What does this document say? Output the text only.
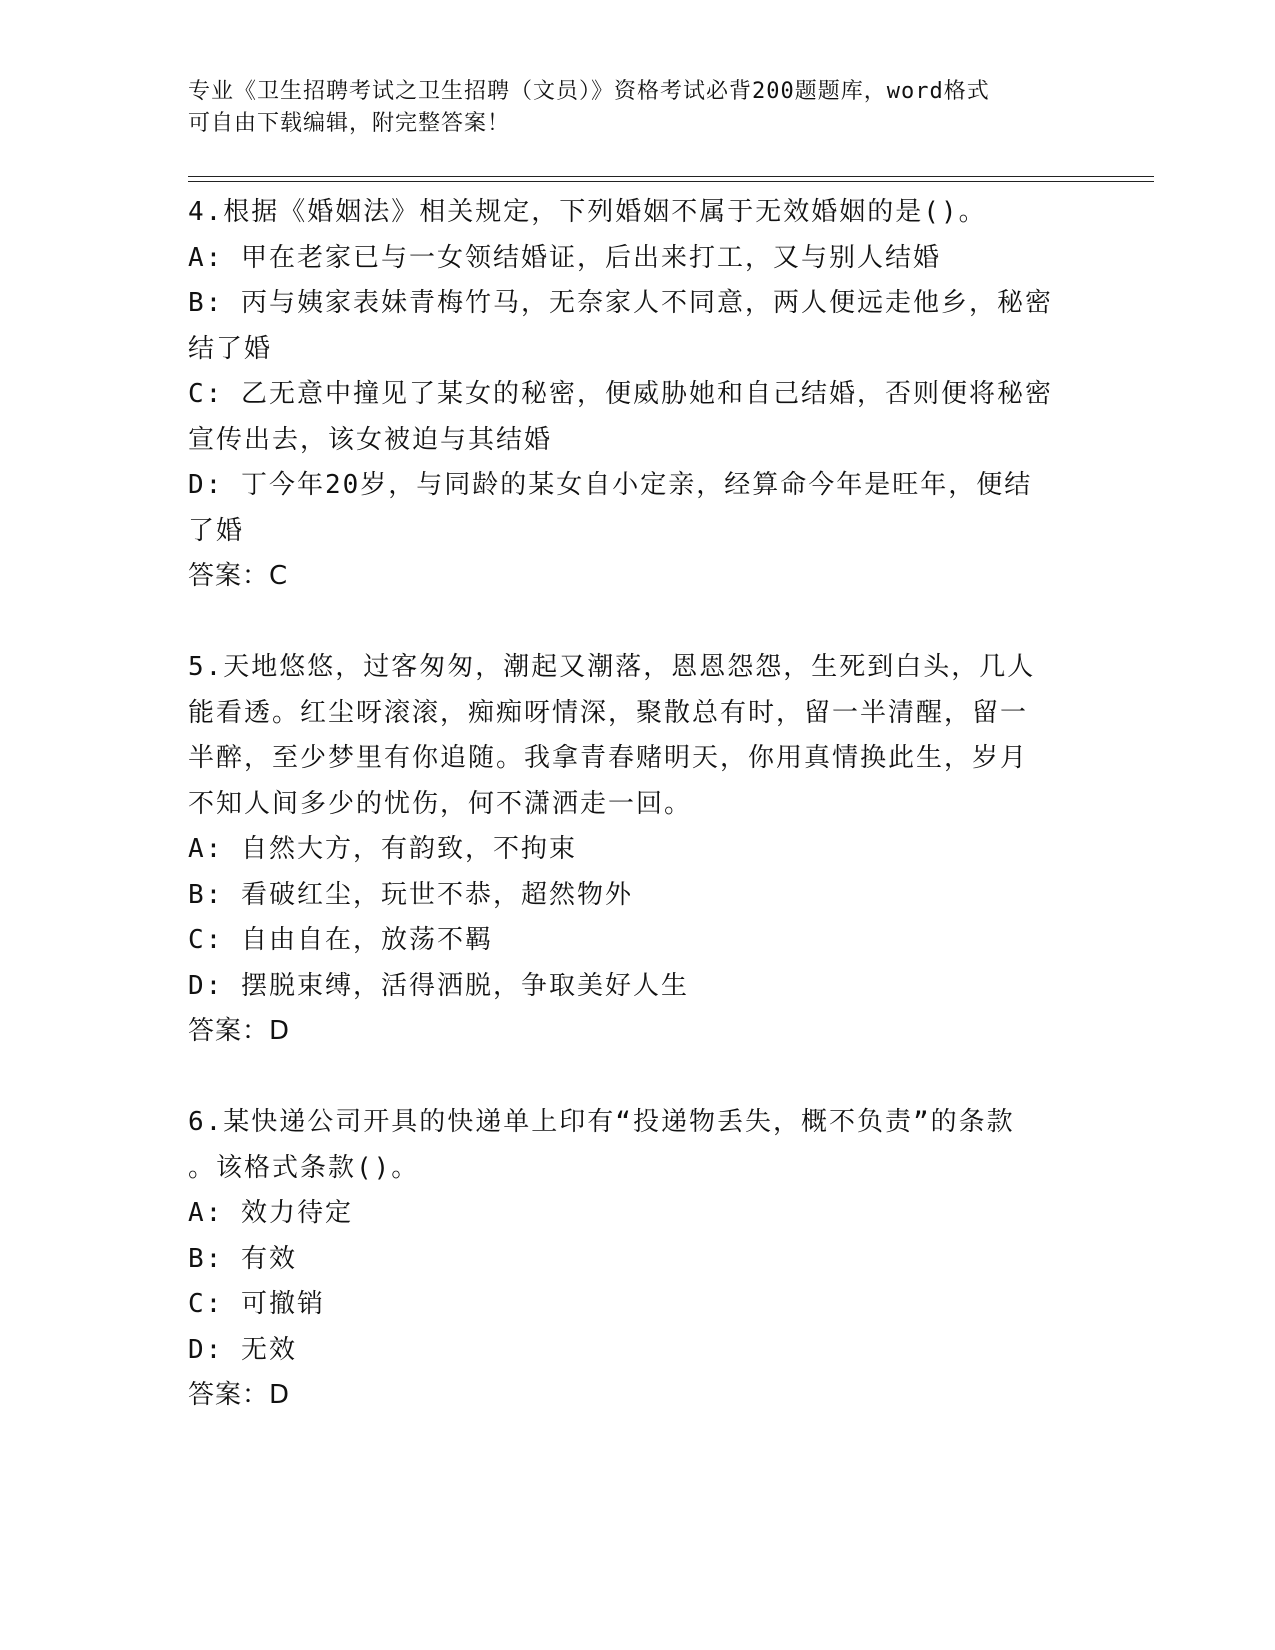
专业《卫生招聘考试之卫生招聘（文员）》资格考试必背200题题库，word格式
可自由下载编辑，附完整答案！
4.根据《婚姻法》相关规定，下列婚姻不属于无效婚姻的是()。
A: 甲在老家已与一女领结婚证，后出来打工，又与别人结婚
B: 丙与姨家表妹青梅竹马，无奈家人不同意，两人便远走他乡，秘密
结了婚
C: 乙无意中撞见了某女的秘密，便威胁她和自己结婚，否则便将秘密
宣传出去，该女被迫与其结婚
D: 丁今年20岁，与同龄的某女自小定亲，经算命今年是旺年，便结
了婚
答案：C
5.天地悠悠，过客匆匆，潮起又潮落，恩恩怨怨，生死到白头，几人
能看透。红尘呀滚滚，痴痴呀情深，聚散总有时，留一半清醒，留一
半醉，至少梦里有你追随。我拿青春赌明天，你用真情换此生，岁月
不知人间多少的忧伤，何不潇洒走一回。
A: 自然大方，有韵致，不拘束
B: 看破红尘，玩世不恭，超然物外
C: 自由自在，放荡不羁
D: 摆脱束缚，活得洒脱，争取美好人生
答案：D
6.某快递公司开具的快递单上印有“投递物丢失，概不负责”的条款
。该格式条款()。
A: 效力待定
B: 有效
C: 可撤销
D: 无效
答案：D
